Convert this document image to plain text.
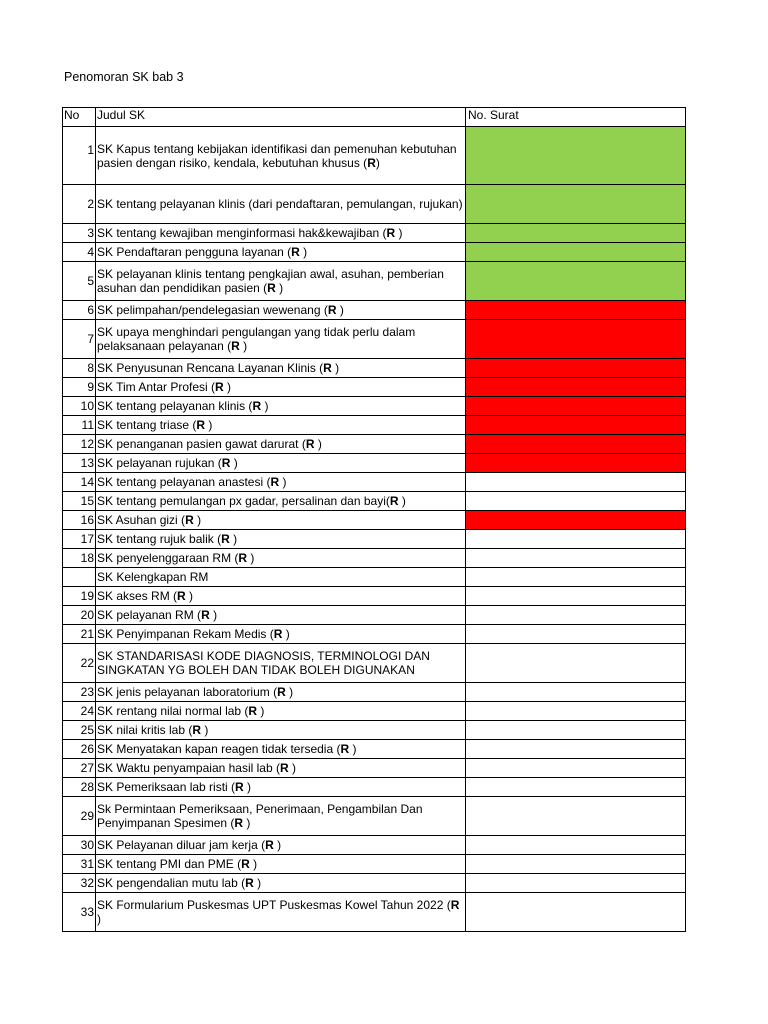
Penomoran SK bab 3
No	Judul SK	No. Surat
1	SK Kapus tentang kebijakan identifikasi dan pemenuhan kebutuhan pasien dengan risiko, kendala, kebutuhan khusus (R)	
2	SK tentang pelayanan klinis (dari pendaftaran, pemulangan, rujukan)	
3	SK tentang kewajiban menginformasi hak&kewajiban (R )	
4	SK Pendaftaran pengguna layanan (R )	
5	SK pelayanan klinis tentang pengkajian awal, asuhan, pemberian asuhan dan pendidikan pasien (R )	
6	SK pelimpahan/pendelegasian wewenang (R )	
7	SK upaya menghindari pengulangan yang tidak perlu dalam pelaksanaan pelayanan (R )	
8	SK Penyusunan Rencana Layanan Klinis (R )	
9	SK Tim Antar Profesi (R )	
10	SK tentang pelayanan klinis (R )	
11	SK tentang triase (R )	
12	SK penanganan pasien gawat darurat (R )	
13	SK pelayanan rujukan (R )	
14	SK tentang pelayanan anastesi (R )	
15	SK tentang pemulangan px gadar, persalinan dan bayi(R )	
16	SK Asuhan gizi (R )	
17	SK tentang rujuk balik (R )	
18	SK penyelenggaraan RM (R )	
	SK Kelengkapan RM	
19	SK akses RM (R )	
20	SK pelayanan RM (R )	
21	SK Penyimpanan Rekam Medis (R )	
22	SK STANDARISASI KODE DIAGNOSIS, TERMINOLOGI DAN SINGKATAN YG BOLEH DAN TIDAK BOLEH DIGUNAKAN	
23	SK jenis pelayanan laboratorium (R )	
24	SK rentang nilai normal lab (R )	
25	SK nilai kritis lab (R )	
26	SK Menyatakan kapan reagen tidak tersedia (R )	
27	SK Waktu penyampaian hasil lab (R )	
28	SK Pemeriksaan lab risti (R )	
29	Sk Permintaan Pemeriksaan, Penerimaan, Pengambilan Dan Penyimpanan Spesimen (R )	
30	SK Pelayanan diluar jam kerja (R )	
31	SK tentang PMI dan PME (R )	
32	SK pengendalian mutu lab (R )	
33	SK Formularium Puskesmas UPT Puskesmas Kowel Tahun 2022 (R )	
